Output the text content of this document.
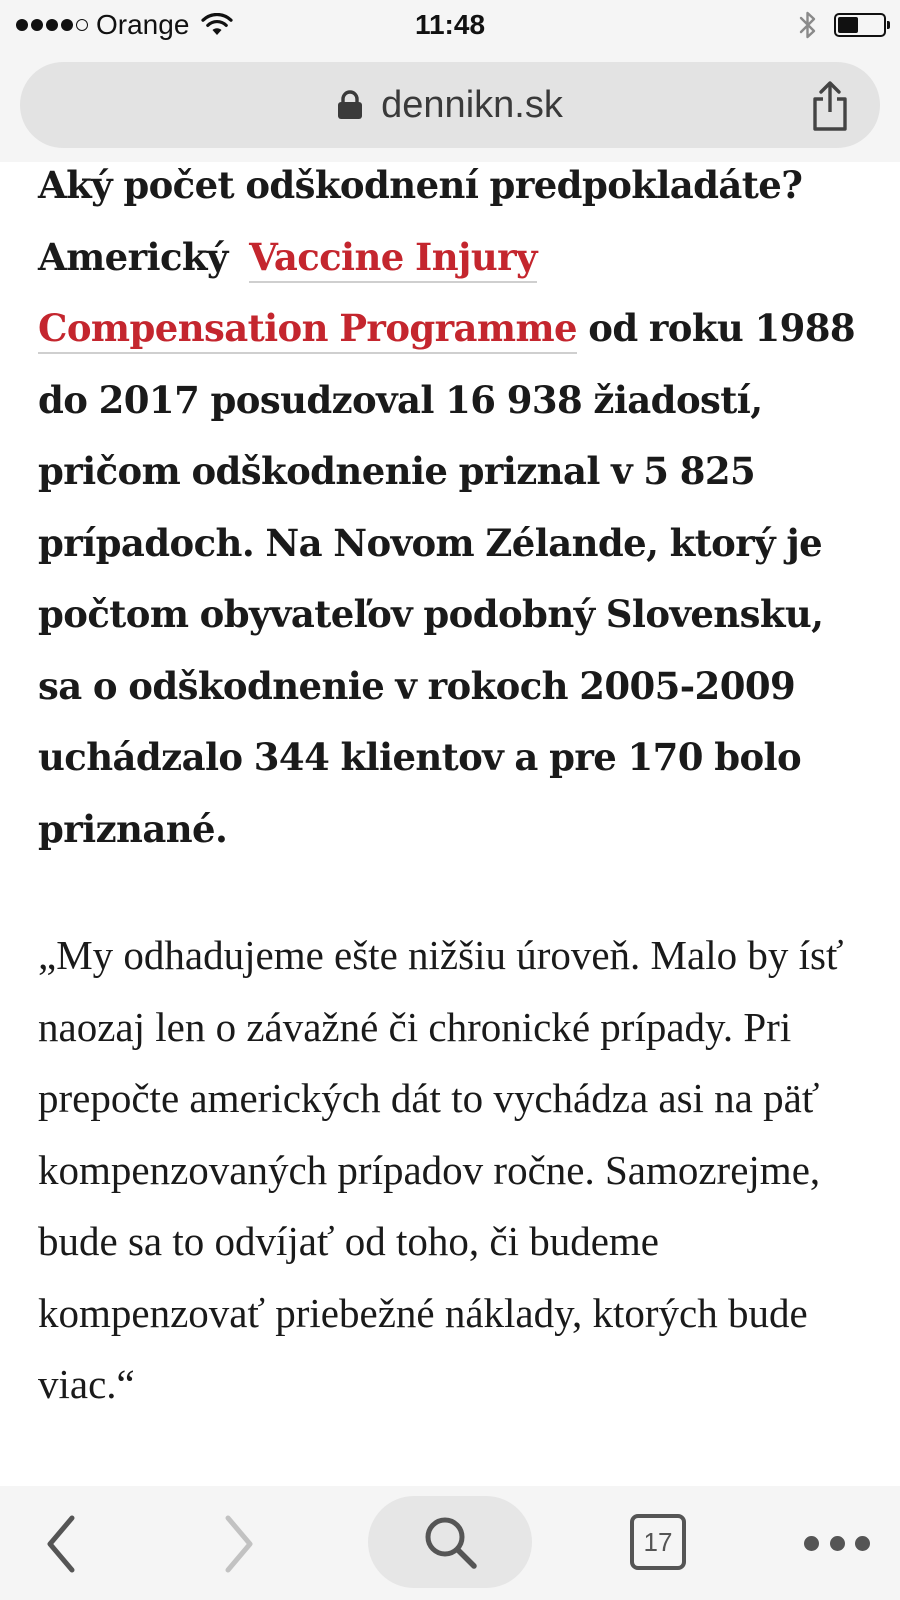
Orange	11:48
dennikn.sk

Aký počet odškodnení predpokladáte? Americký Vaccine Injury
Compensation Programme od roku 1988 do 2017 posudzoval 16 938 žiadostí, pričom odškodnenie priznal v 5 825 prípadoch. Na Novom Zélande, ktorý je počtom obyvateľov podobný Slovensku, sa o odškodnenie v rokoch 2005-2009 uchádzalo 344 klientov a pre 170 bolo priznané.

„My odhadujeme ešte nižšiu úroveň. Malo by ísť naozaj len o závažné či chronické prípady. Pri prepočte amerických dát to vychádza asi na päť kompenzovaných prípadov ročne. Samozrejme, bude sa to odvíjať od toho, či budeme kompenzovať priebežné náklady, ktorých bude viac.“

17
